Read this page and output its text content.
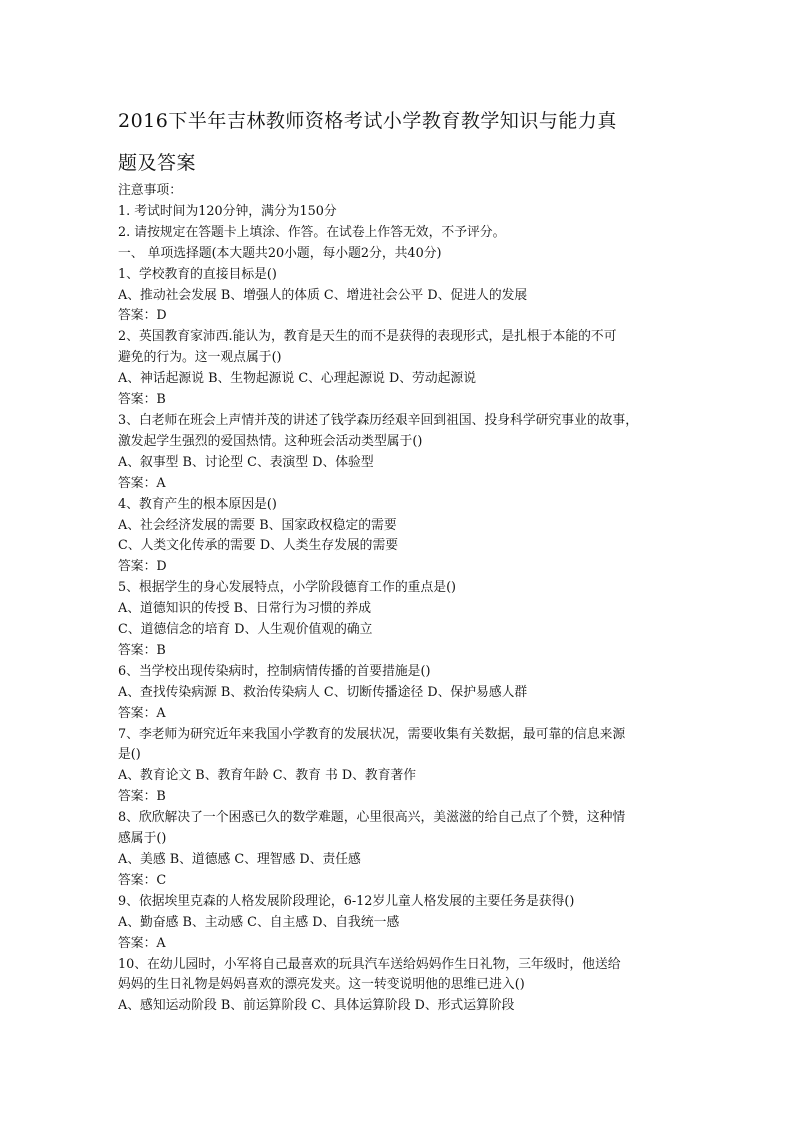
2016下半年吉林教师资格考试小学教育教学知识与能力真
题及答案
注意事项：
1. 考试时间为120分钟，满分为150分
2. 请按规定在答题卡上填涂、作答。在试卷上作答无效，不予评分。
一、 单项选择题(本大题共20小题，每小题2分，共40分)
1、学校教育的直接目标是()
A、推动社会发展 B、增强人的体质 C、增进社会公平 D、促进人的发展
答案：D
2、英国教育家沛西.能认为，教育是天生的而不是获得的表现形式，是扎根于本能的不可
避免的行为。这一观点属于()
A、神话起源说 B、生物起源说 C、心理起源说 D、劳动起源说
答案：B
3、白老师在班会上声情并茂的讲述了钱学森历经艰辛回到祖国、投身科学研究事业的故事，
激发起学生强烈的爱国热情。这种班会活动类型属于()
A、叙事型 B、讨论型 C、表演型 D、体验型
答案：A
4、教育产生的根本原因是()
A、社会经济发展的需要 B、国家政权稳定的需要
C、人类文化传承的需要 D、人类生存发展的需要
答案：D
5、根据学生的身心发展特点，小学阶段德育工作的重点是()
A、道德知识的传授 B、日常行为习惯的养成
C、道德信念的培育 D、人生观价值观的确立
答案：B
6、当学校出现传染病时，控制病情传播的首要措施是()
A、查找传染病源 B、救治传染病人 C、切断传播途径 D、保护易感人群
答案：A
7、李老师为研究近年来我国小学教育的发展状况，需要收集有关数据，最可靠的信息来源
是()
A、教育论文 B、教育年龄 C、教育 书 D、教育著作
答案：B
8、欣欣解决了一个困惑已久的数学难题，心里很高兴，美滋滋的给自己点了个赞，这种情
感属于()
A、美感 B、道德感 C、理智感 D、责任感
答案：C
9、依据埃里克森的人格发展阶段理论，6-12岁儿童人格发展的主要任务是获得()
A、勤奋感 B、主动感 C、自主感 D、自我统一感
答案：A
10、在幼儿园时，小军将自己最喜欢的玩具汽车送给妈妈作生日礼物，三年级时，他送给
妈妈的生日礼物是妈妈喜欢的漂亮发夹。这一转变说明他的思维已进入()
A、感知运动阶段 B、前运算阶段 C、具体运算阶段 D、形式运算阶段
